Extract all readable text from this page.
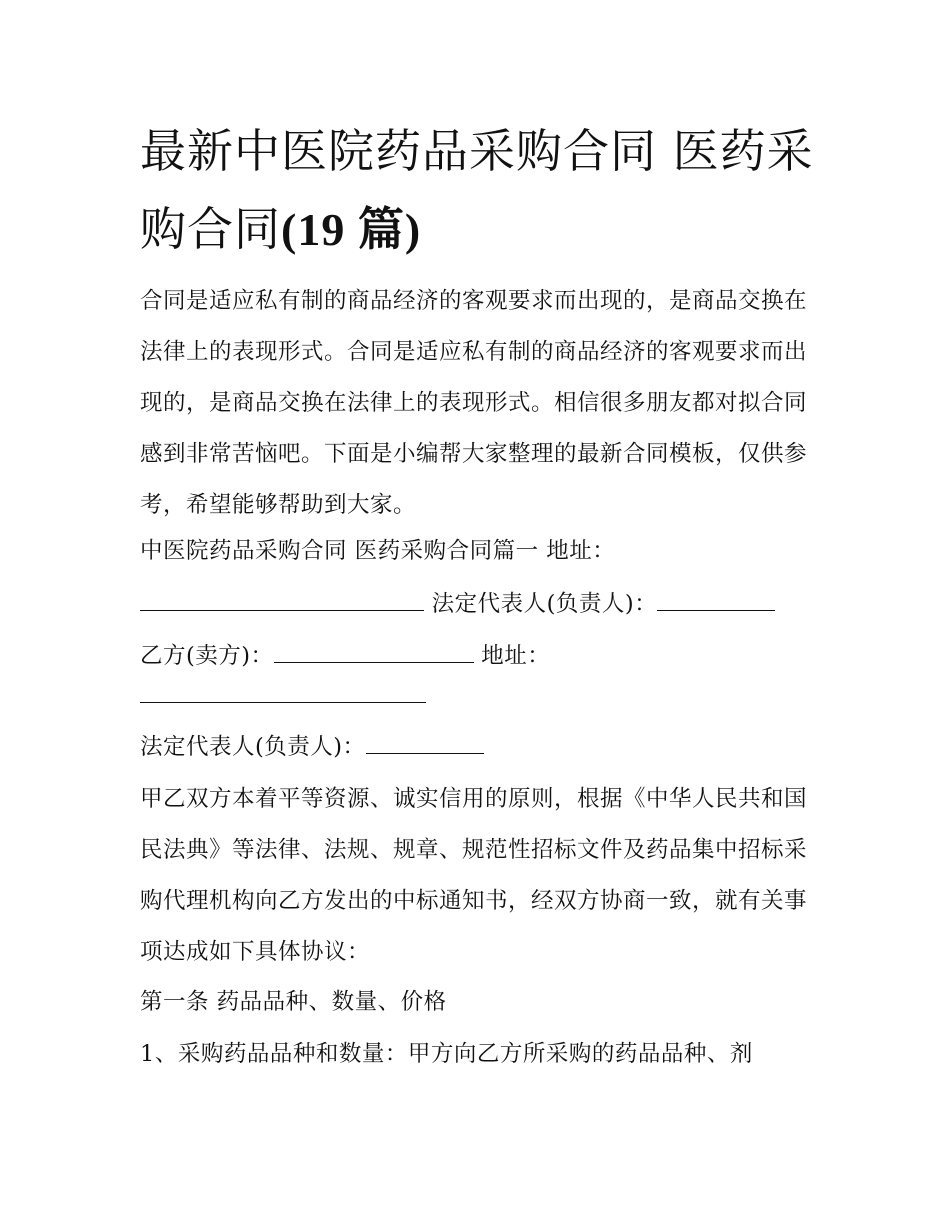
最新中医院药品采购合同 医药采购合同(19 篇)

合同是适应私有制的商品经济的客观要求而出现的，是商品交换在法律上的表现形式。合同是适应私有制的商品经济的客观要求而出现的，是商品交换在法律上的表现形式。相信很多朋友都对拟合同感到非常苦恼吧。下面是小编帮大家整理的最新合同模板，仅供参考，希望能够帮助到大家。

中医院药品采购合同 医药采购合同篇一 地址：
法定代表人(负责人)：
乙方(卖方)：	地址：
法定代表人(负责人)：

甲乙双方本着平等资源、诚实信用的原则，根据《中华人民共和国民法典》等法律、法规、规章、规范性招标文件及药品集中招标采购代理机构向乙方发出的中标通知书，经双方协商一致，就有关事项达成如下具体协议：

第一条 药品品种、数量、价格
1、采购药品品种和数量：甲方向乙方所采购的药品品种、剂
